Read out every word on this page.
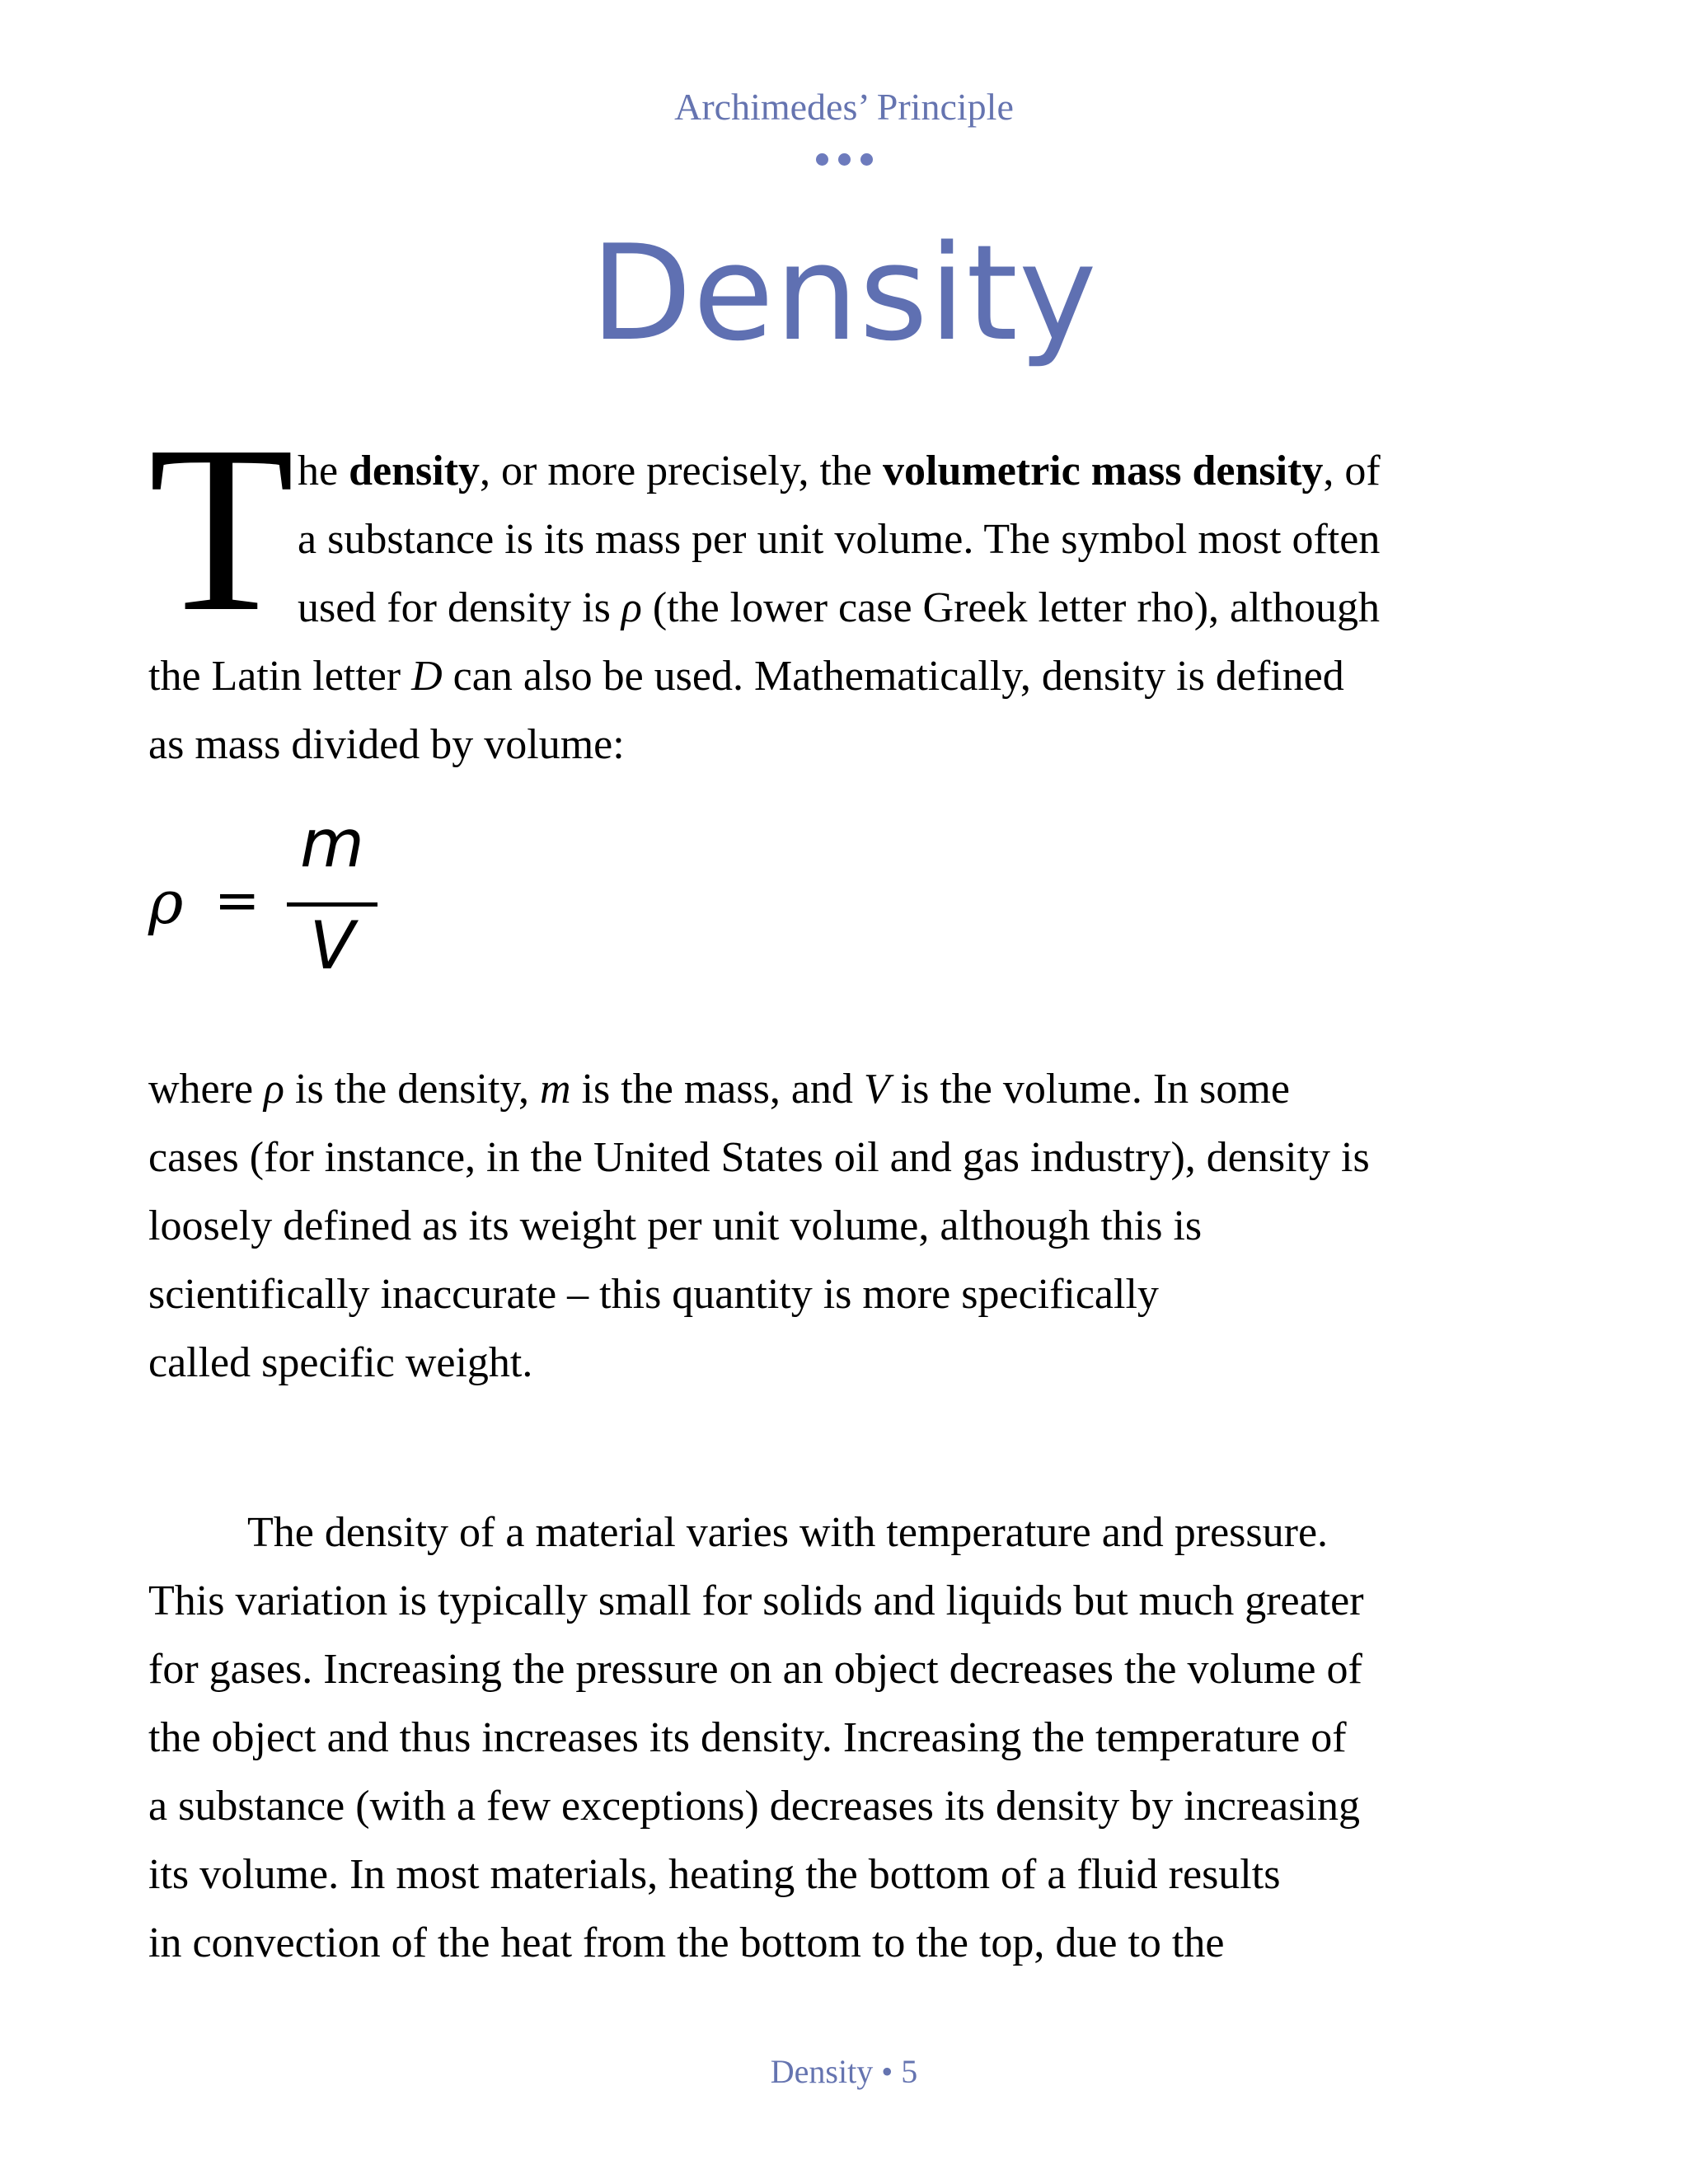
Archimedes’ Principle
Density
T he density, or more precisely, the volumetric mass density, of
a substance is its mass per unit volume. The symbol most often
used for density is ρ (the lower case Greek letter rho), although
the Latin letter D can also be used. Mathematically, density is defined
as mass divided by volume:
ρ =
m
V
where ρ is the density, m is the mass, and V is the volume. In some
cases (for instance, in the United States oil and gas industry), density is
loosely defined as its weight per unit volume, although this is
scientifically inaccurate – this quantity is more specifically
called specific weight.
The density of a material varies with temperature and pressure.
This variation is typically small for solids and liquids but much greater
for gases. Increasing the pressure on an object decreases the volume of
the object and thus increases its density. Increasing the temperature of
a substance (with a few exceptions) decreases its density by increasing
its volume. In most materials, heating the bottom of a fluid results
in convection of the heat from the bottom to the top, due to the
Density • 5
